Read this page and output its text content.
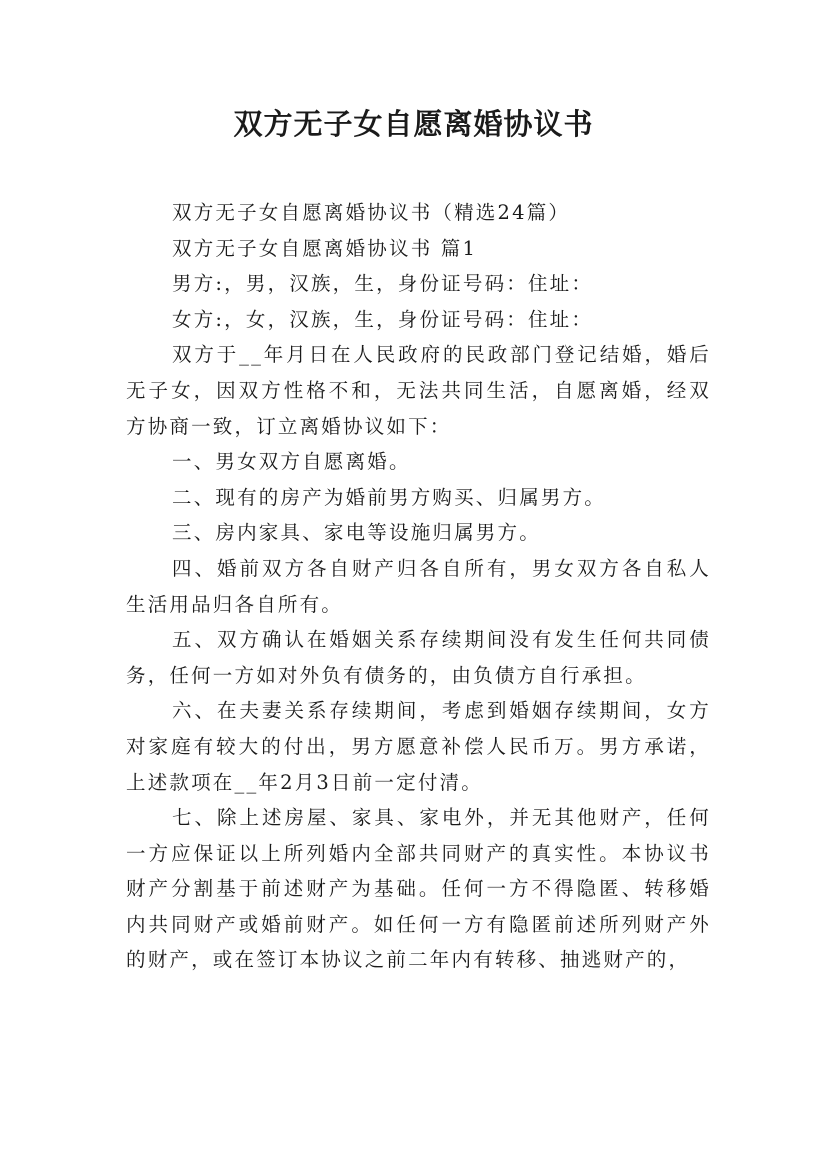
双方无子女自愿离婚协议书

双方无子女自愿离婚协议书（精选24篇）

双方无子女自愿离婚协议书 篇1

男方:，男，汉族，生，身份证号码：住址：

女方:，女，汉族，生，身份证号码：住址：

双方于__年月日在人民政府的民政部门登记结婚，婚后无子女，因双方性格不和，无法共同生活，自愿离婚，经双方协商一致，订立离婚协议如下：

一、男女双方自愿离婚。

二、现有的房产为婚前男方购买、归属男方。

三、房内家具、家电等设施归属男方。

四、婚前双方各自财产归各自所有，男女双方各自私人生活用品归各自所有。

五、双方确认在婚姻关系存续期间没有发生任何共同债务，任何一方如对外负有债务的，由负债方自行承担。

六、在夫妻关系存续期间，考虑到婚姻存续期间，女方对家庭有较大的付出，男方愿意补偿人民币万。男方承诺，上述款项在__年2月3日前一定付清。

七、除上述房屋、家具、家电外，并无其他财产，任何一方应保证以上所列婚内全部共同财产的真实性。本协议书财产分割基于前述财产为基础。任何一方不得隐匿、转移婚内共同财产或婚前财产。如任何一方有隐匿前述所列财产外的财产，或在签订本协议之前二年内有转移、抽逃财产的，
